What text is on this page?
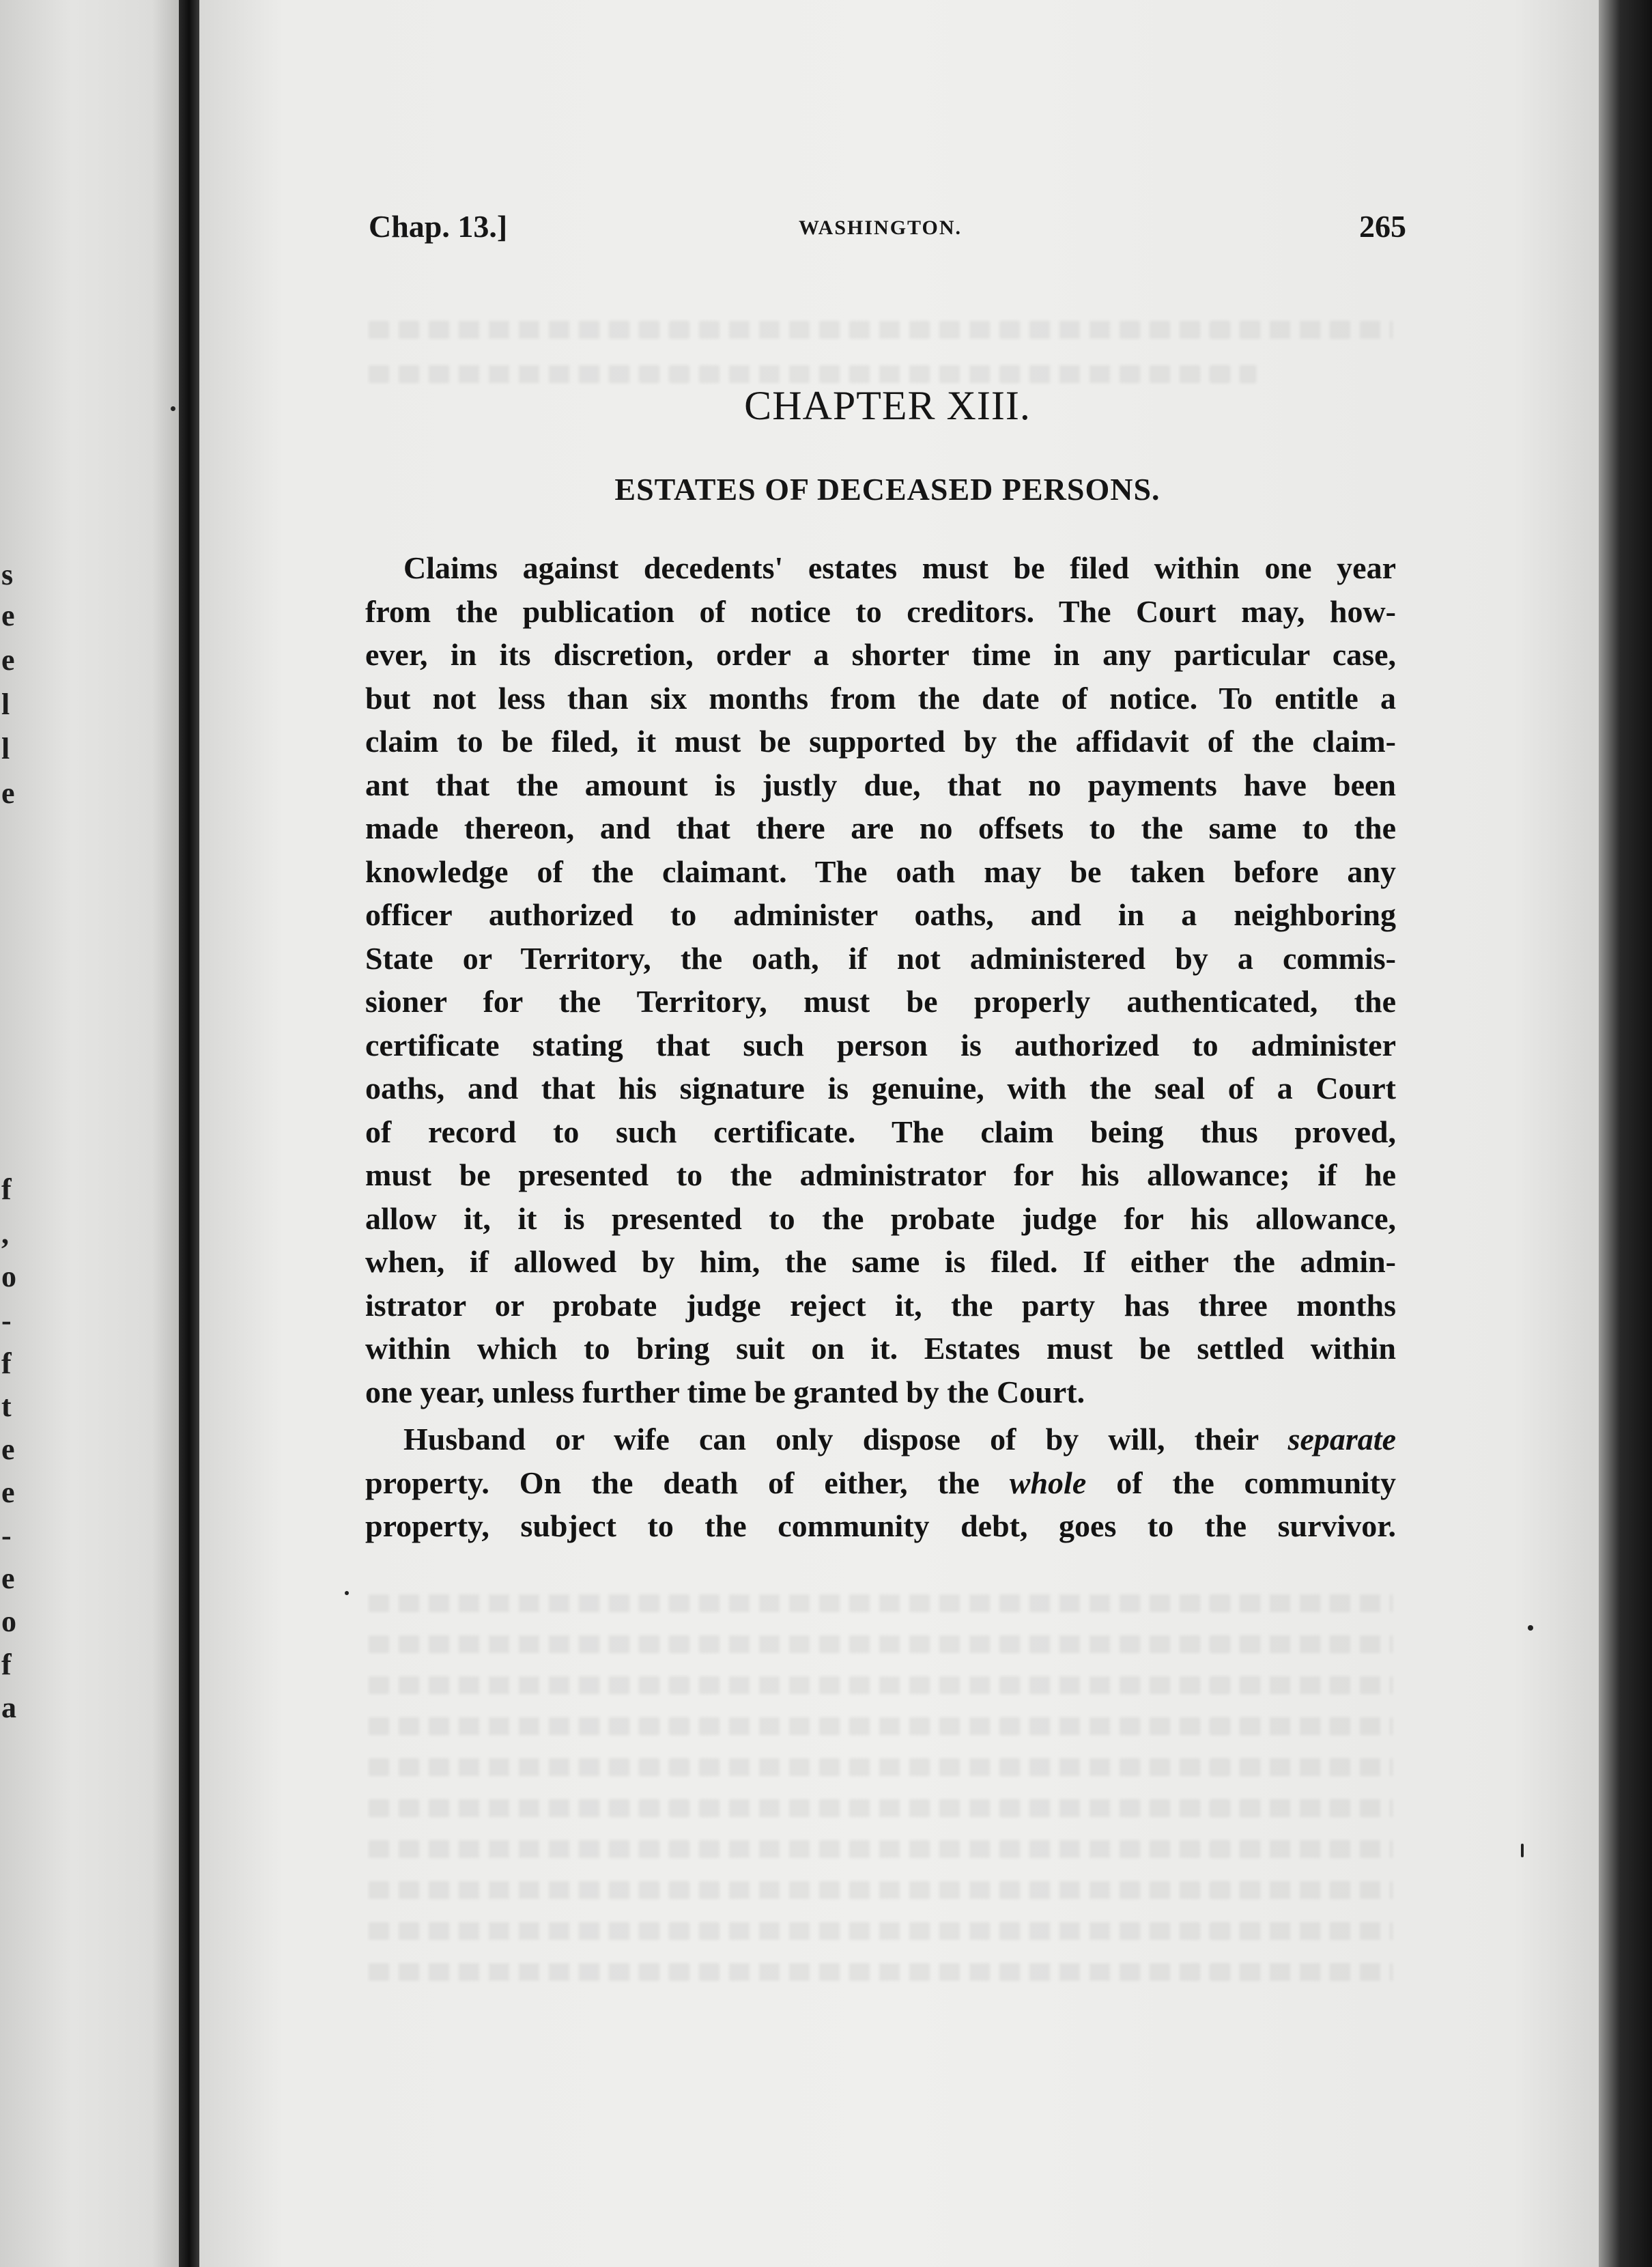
s
e
e
l
l
e
f
,
o
-
f
t
e
e
-
e
o
f
a
Chap. 13.]	WASHINGTON.	265
CHAPTER XIII.
ESTATES OF DECEASED PERSONS.
Claims against decedents' estates must be filed within one year
from the publication of notice to creditors. The Court may, how-
ever, in its discretion, order a shorter time in any particular case,
but not less than six months from the date of notice. To entitle a
claim to be filed, it must be supported by the affidavit of the claim-
ant that the amount is justly due, that no payments have been
made thereon, and that there are no offsets to the same to the
knowledge of the claimant. The oath may be taken before any
officer authorized to administer oaths, and in a neighboring
State or Territory, the oath, if not administered by a commis-
sioner for the Territory, must be properly authenticated, the
certificate stating that such person is authorized to administer
oaths, and that his signature is genuine, with the seal of a Court
of record to such certificate. The claim being thus proved,
must be presented to the administrator for his allowance; if he
allow it, it is presented to the probate judge for his allowance,
when, if allowed by him, the same is filed. If either the admin-
istrator or probate judge reject it, the party has three months
within which to bring suit on it. Estates must be settled within
one year, unless further time be granted by the Court.
Husband or wife can only dispose of by will, their separate
property. On the death of either, the whole of the community
property, subject to the community debt, goes to the survivor.
